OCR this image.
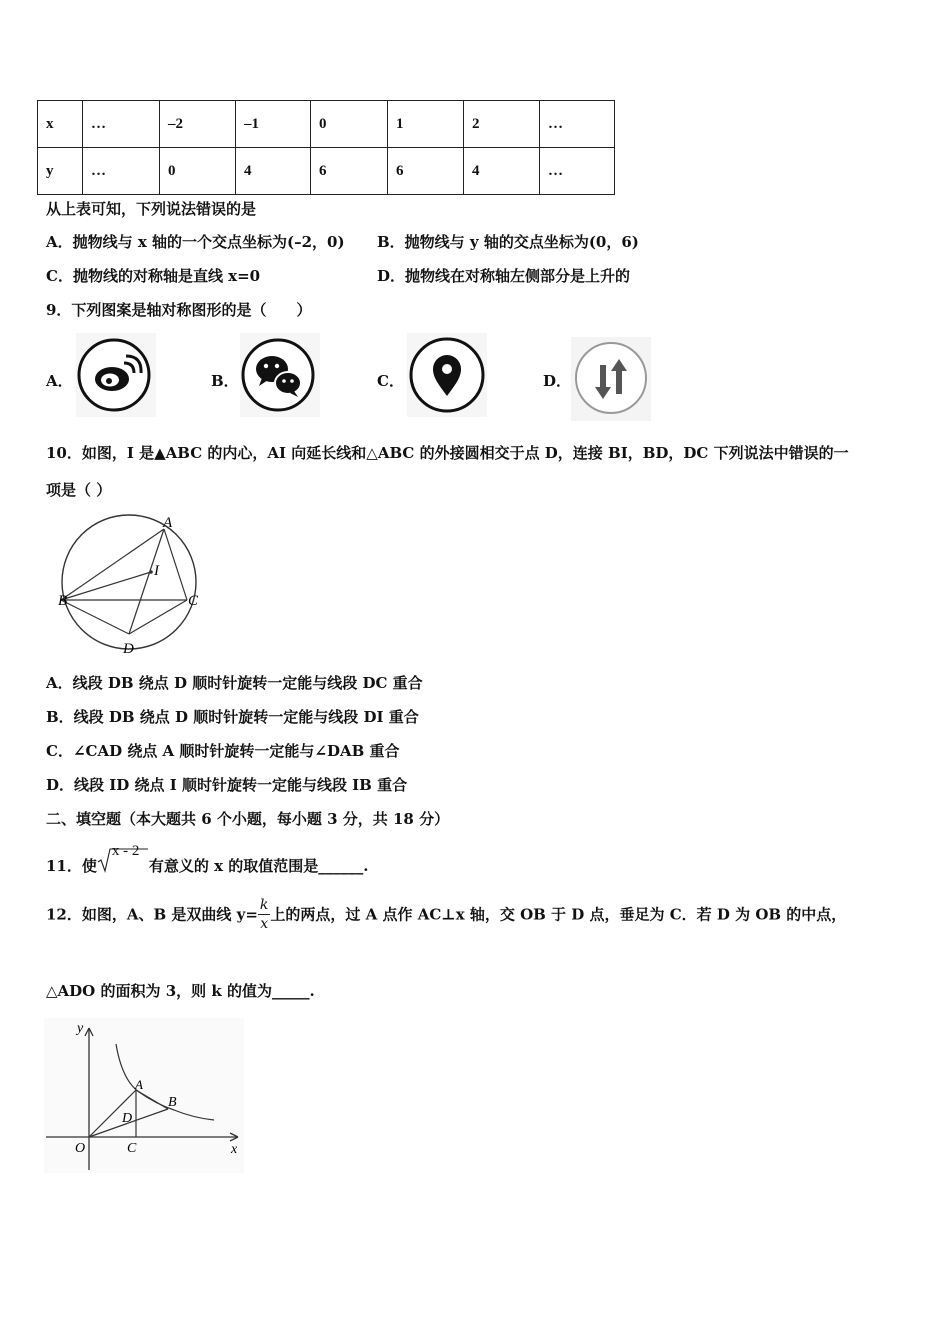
x	…	–2	–1	0	1	2	…
y	…	0	4	6	6	4	…
从上表可知，下列说法错误的是
A．抛物线与 x 轴的一个交点坐标为(–2，0) B．抛物线与 y 轴的交点坐标为(0，6)
C．抛物线的对称轴是直线 x=0	D．抛物线在对称轴左侧部分是上升的
9．下列图案是轴对称图形的是（　　）
A．	B．	C．	D．
10．如图，I 是▲ABC 的内心，AI 向延长线和△ABC 的外接圆相交于点 D，连接 BI，BD，DC 下列说法中错误的一
项是（ ）
A
B	C
D
I
A．线段 DB 绕点 D 顺时针旋转一定能与线段 DC 重合
B．线段 DB 绕点 D 顺时针旋转一定能与线段 DI 重合
C．∠CAD 绕点 A 顺时针旋转一定能与∠DAB 重合
D．线段 ID 绕点 I 顺时针旋转一定能与线段 IB 重合
二、填空题（本大题共 6 个小题，每小题 3 分，共 18 分）
11．使
x - 2
有意义的 x 的取值范围是______.
12．如图，A、B 是双曲线 $y= \frac{k}{x}$ 上的两点，过 A 点作 AC⊥x 轴，交 OB 于 D 点，垂足为 C．若 D 为 OB 的中点，
△ADO 的面积为 3，则 k 的值为_____.
y
x
O
A
B
C
D
